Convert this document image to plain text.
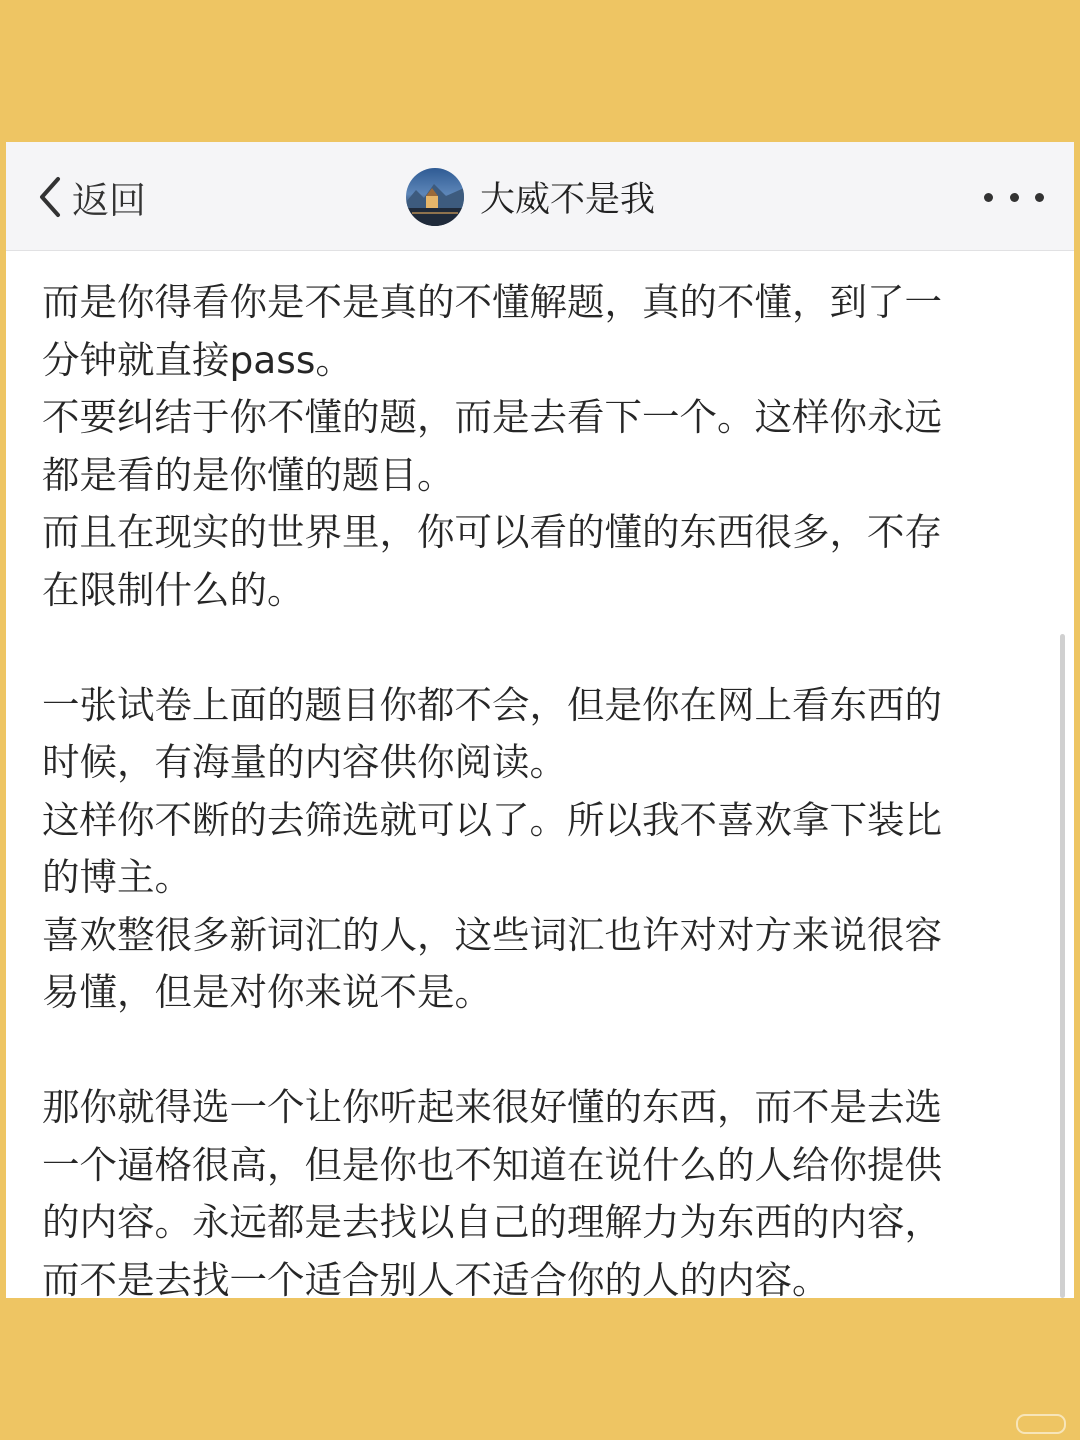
返回	大威不是我

而是你得看你是不是真的不懂解题，真的不懂，到了一

分钟就直接pass。

不要纠结于你不懂的题，而是去看下一个。这样你永远

都是看的是你懂的题目。

而且在现实的世界里，你可以看的懂的东西很多，不存

在限制什么的。

一张试卷上面的题目你都不会，但是你在网上看东西的

时候，有海量的内容供你阅读。

这样你不断的去筛选就可以了。所以我不喜欢拿下装比

的博主。

喜欢整很多新词汇的人，这些词汇也许对对方来说很容

易懂，但是对你来说不是。

那你就得选一个让你听起来很好懂的东西，而不是去选

一个逼格很高，但是你也不知道在说什么的人给你提供

的内容。永远都是去找以自己的理解力为东西的内容，

而不是去找一个适合别人不适合你的人的内容。
